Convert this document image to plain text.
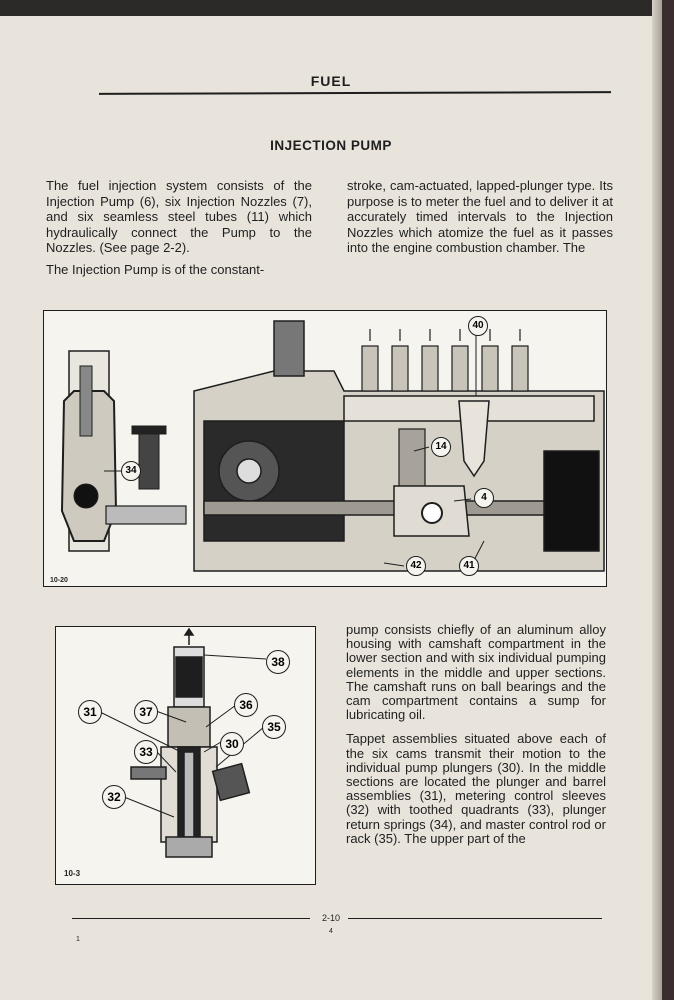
FUEL
INJECTION PUMP

The fuel injection system consists of the Injection Pump (6), six Injection Nozzles (7), and six seamless steel tubes (11) which hydraulically connect the Pump to the Nozzles. (See page 2-2).

The Injection Pump is of the constant-

stroke, cam-actuated, lapped-plunger type. Its purpose is to meter the fuel and to deliver it at accurately timed intervals to the Injection Nozzles which atomize the fuel as it passes into the engine combustion chamber. The

40
34
14
4
42	41
10-20
38
37	36
31
35
30
33
32
10-3

pump consists chiefly of an aluminum alloy housing with camshaft compartment in the lower section and with six individual pumping elements in the middle and upper sections. The camshaft runs on ball bearings and the cam compartment contains a sump for lubricating oil.

Tappet assemblies situated above each of the six cams transmit their motion to the individual pump plungers (30). In the middle sections are located the plunger and barrel assemblies (31), metering control sleeves (32) with toothed quadrants (33), plunger return springs (34), and master control rod or rack (35). The upper part of the

2-10
4
1
